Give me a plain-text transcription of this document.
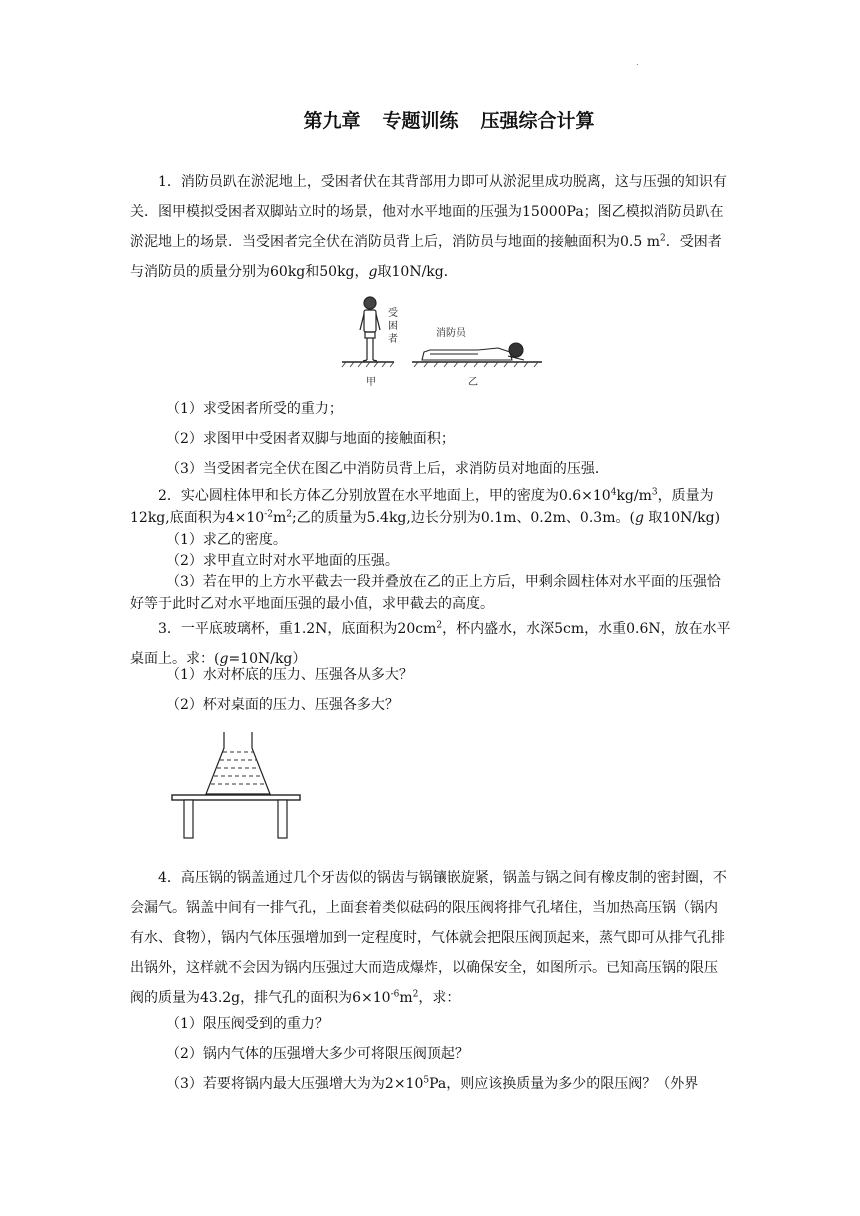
.
第九章 专题训练 压强综合计算

1．消防员趴在淤泥地上，受困者伏在其背部用力即可从淤泥里成功脱离，这与压强的知识有关．图甲模拟受困者双脚站立时的场景，他对水平地面的压强为15000Pa；图乙模拟消防员趴在淤泥地上的场景．当受困者完全伏在消防员背上后，消防员与地面的接触面积为0.5 $m^2$．受困者与消防员的质量分别为60kg和50kg，g取10N/kg．

受
困
者
消防员
甲	乙
（1）求受困者所受的重力；
（2）求图甲中受困者双脚与地面的接触面积；
（3）当受困者完全伏在图乙中消防员背上后，求消防员对地面的压强．

2．实心圆柱体甲和长方体乙分别放置在水平地面上，甲的密度为$0.6\times 10^4kg/m^3$，质量为12kg,底面积为$4\times 10^{-2}m^2$;乙的质量为5.4kg,边长分别为0.1m、0.2m、0.3m。(g 取10N/kg)

（1）求乙的密度。
（2）求甲直立时对水平地面的压强。

（3）若在甲的上方水平截去一段并叠放在乙的正上方后，甲剩余圆柱体对水平面的压强恰好等于此时乙对水平地面压强的最小值，求甲截去的高度。

3．一平底玻璃杯，重1.2N，底面积为$20cm^2$，杯内盛水，水深5cm，水重0.6N，放在水平桌面上。求：(g=10N/kg）

（1）水对杯底的压力、压强各从多大？
（2）杯对桌面的压力、压强各多大？

4．高压锅的锅盖通过几个牙齿似的锅齿与锅镶嵌旋紧，锅盖与锅之间有橡皮制的密封圈，不会漏气。锅盖中间有一排气孔，上面套着类似砝码的限压阀将排气孔堵住，当加热高压锅（锅内有水、食物），锅内气体压强增加到一定程度时，气体就会把限压阀顶起来，蒸气即可从排气孔排出锅外，这样就不会因为锅内压强过大而造成爆炸，以确保安全，如图所示。已知高压锅的限压阀的质量为43.2g，排气孔的面积为$6\times 10^{-6}m^2$，求：

（1）限压阀受到的重力？
（2）锅内气体的压强增大多少可将限压阀顶起？
（3）若要将锅内最大压强增大为为$2\times 10^5Pa$，则应该换质量为多少的限压阀？（外界
